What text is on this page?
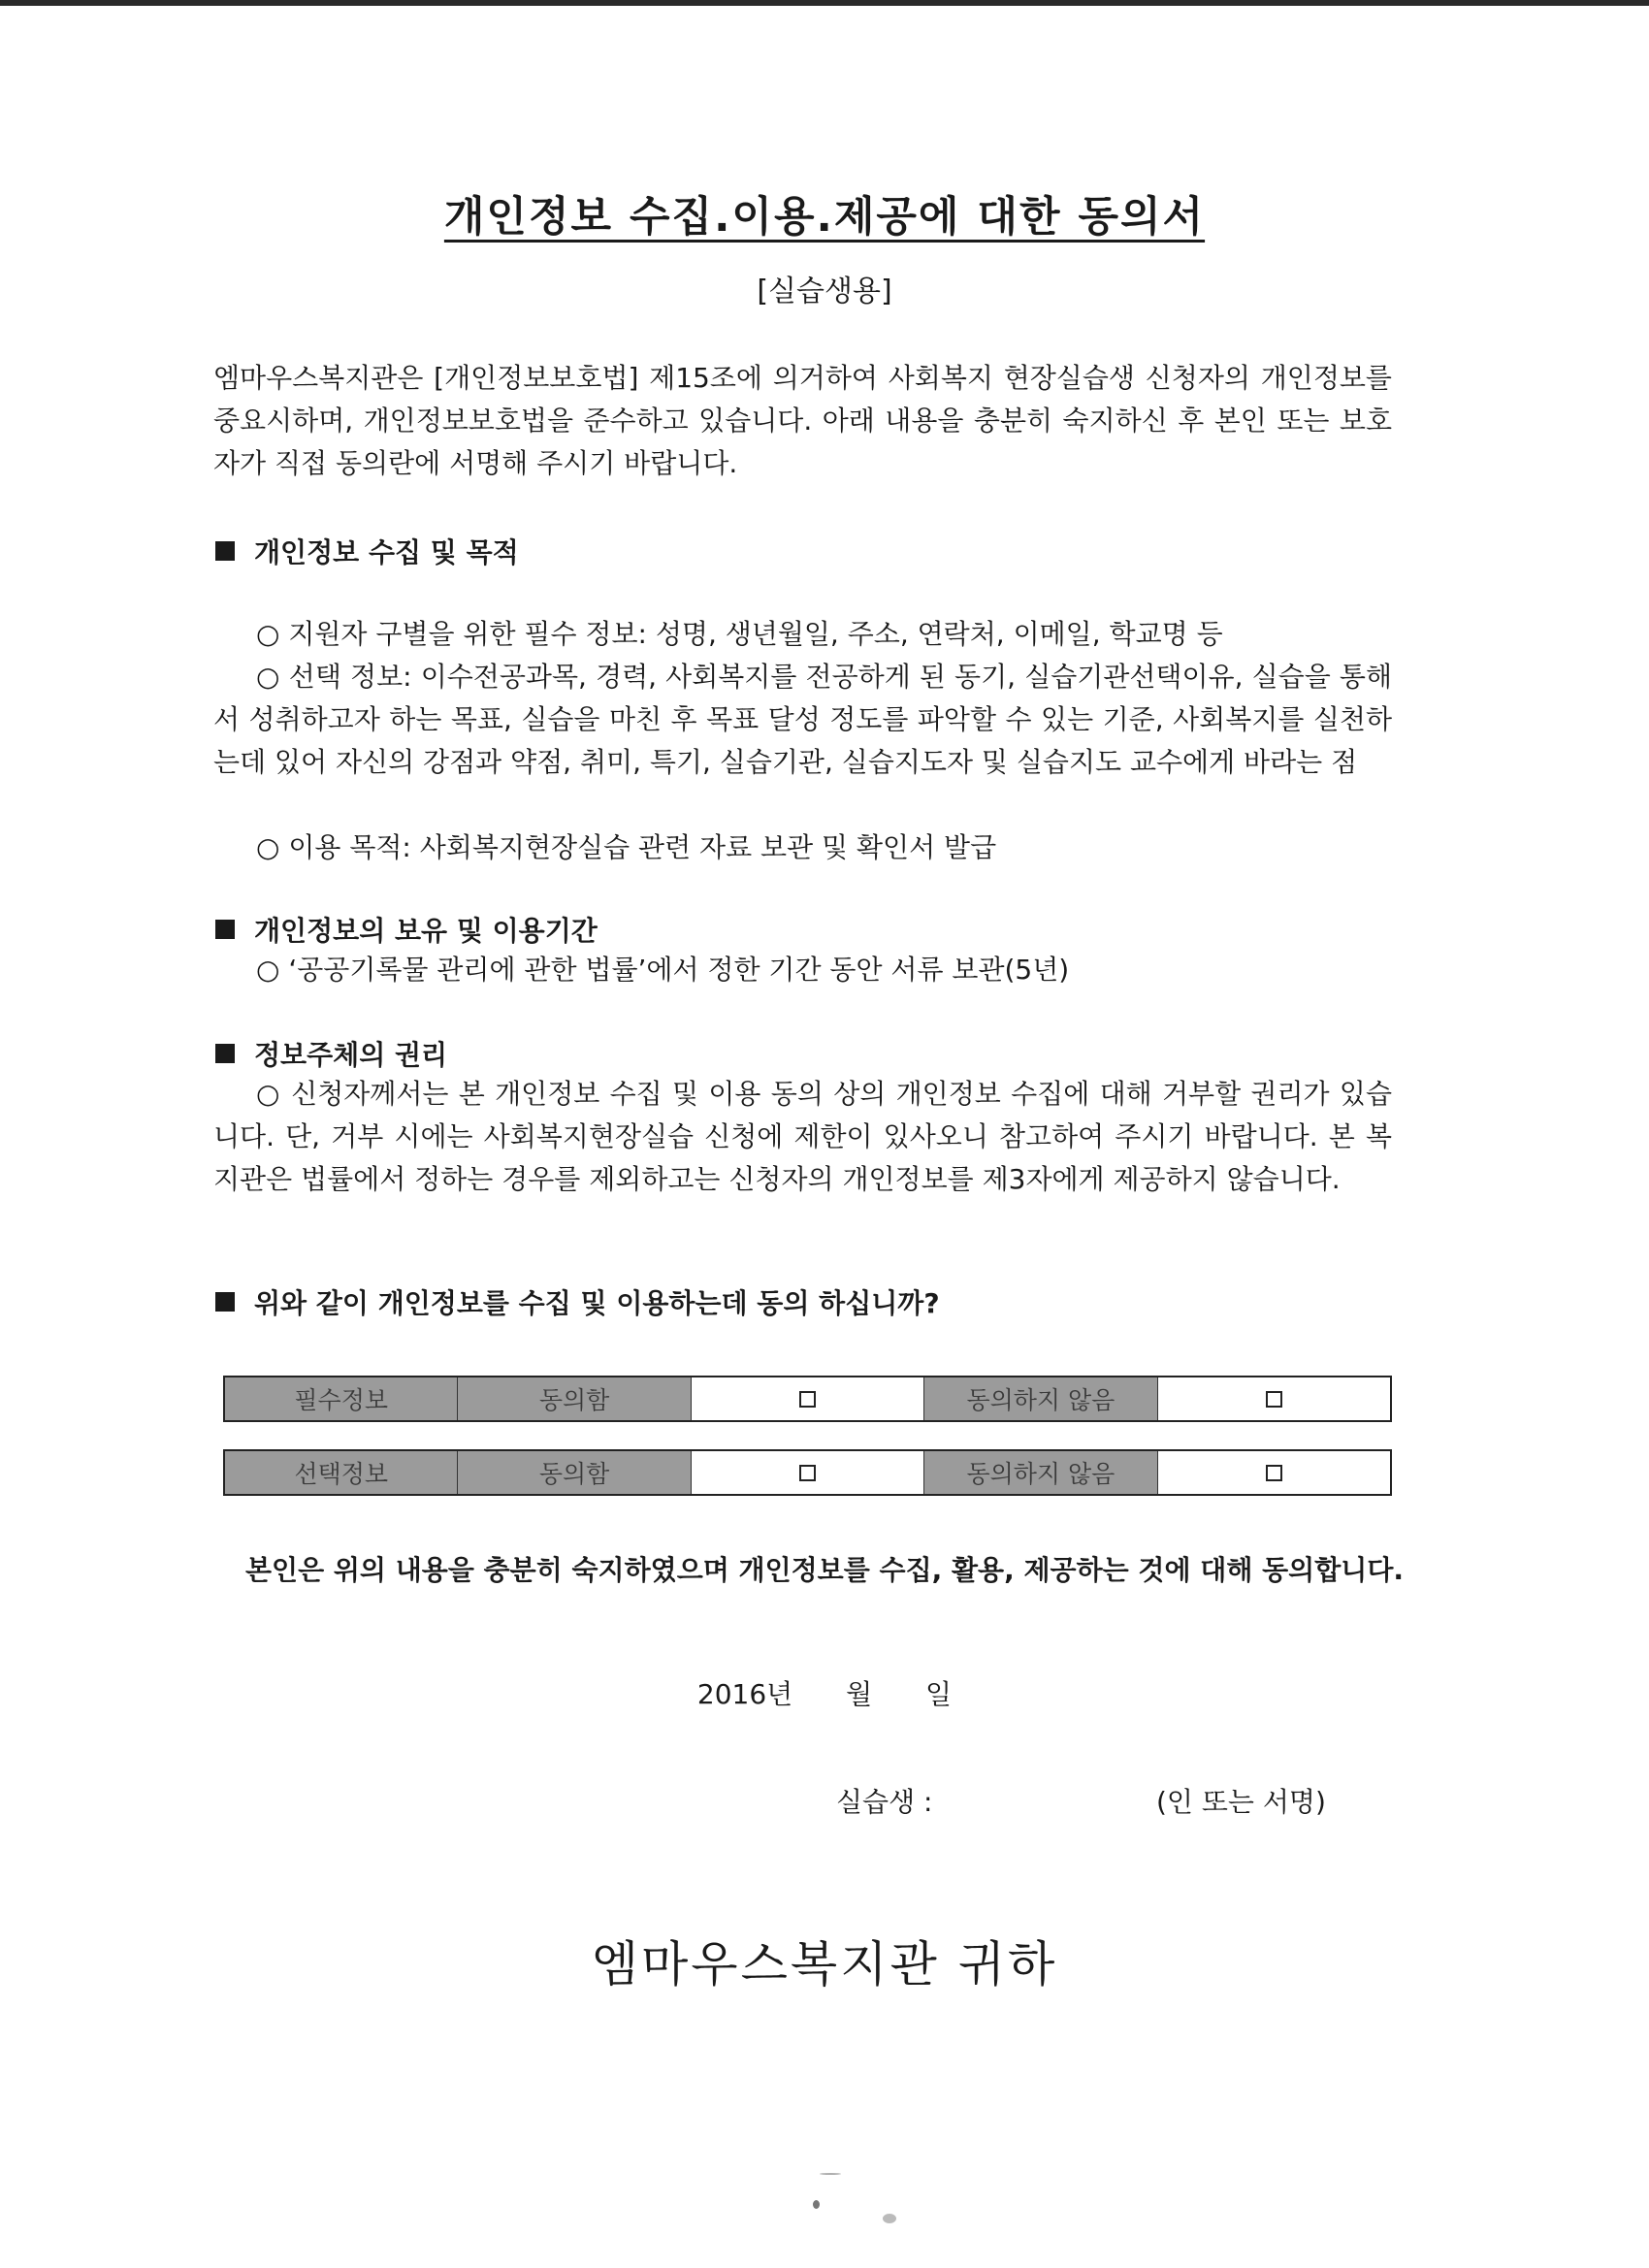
개인정보 수집.이용.제공에 대한 동의서
[실습생용]
엠마우스복지관은 [개인정보보호법] 제15조에 의거하여 사회복지 현장실습생 신청자의 개인정보를 중요시하며, 개인정보보호법을 준수하고 있습니다. 아래 내용을 충분히 숙지하신 후 본인 또는 보호자가 직접 동의란에 서명해 주시기 바랍니다.
개인정보 수집 및 목적
○ 지원자 구별을 위한 필수 정보: 성명, 생년월일, 주소, 연락처, 이메일, 학교명 등
○ 선택 정보: 이수전공과목, 경력, 사회복지를 전공하게 된 동기, 실습기관선택이유, 실습을 통해서 성취하고자 하는 목표, 실습을 마친 후 목표 달성 정도를 파악할 수 있는 기준, 사회복지를 실천하는데 있어 자신의 강점과 약점, 취미, 특기, 실습기관, 실습지도자 및 실습지도 교수에게 바라는 점
○ 이용 목적: 사회복지현장실습 관련 자료 보관 및 확인서 발급
개인정보의 보유 및 이용기간
○ ‘공공기록물 관리에 관한 법률’에서 정한 기간 동안 서류 보관(5년)
정보주체의 권리
○ 신청자께서는 본 개인정보 수집 및 이용 동의 상의 개인정보 수집에 대해 거부할 권리가 있습니다. 단, 거부 시에는 사회복지현장실습 신청에 제한이 있사오니 참고하여 주시기 바랍니다. 본 복지관은 법률에서 정하는 경우를 제외하고는 신청자의 개인정보를 제3자에게 제공하지 않습니다.
위와 같이 개인정보를 수집 및 이용하는데 동의 하십니까?
필수정보	동의함	동의하지 않음
선택정보	동의함	동의하지 않음
본인은 위의 내용을 충분히 숙지하였으며 개인정보를 수집, 활용, 제공하는 것에 대해 동의합니다.
2016년 월 일
실습생 :	(인 또는 서명)
엠마우스복지관 귀하
